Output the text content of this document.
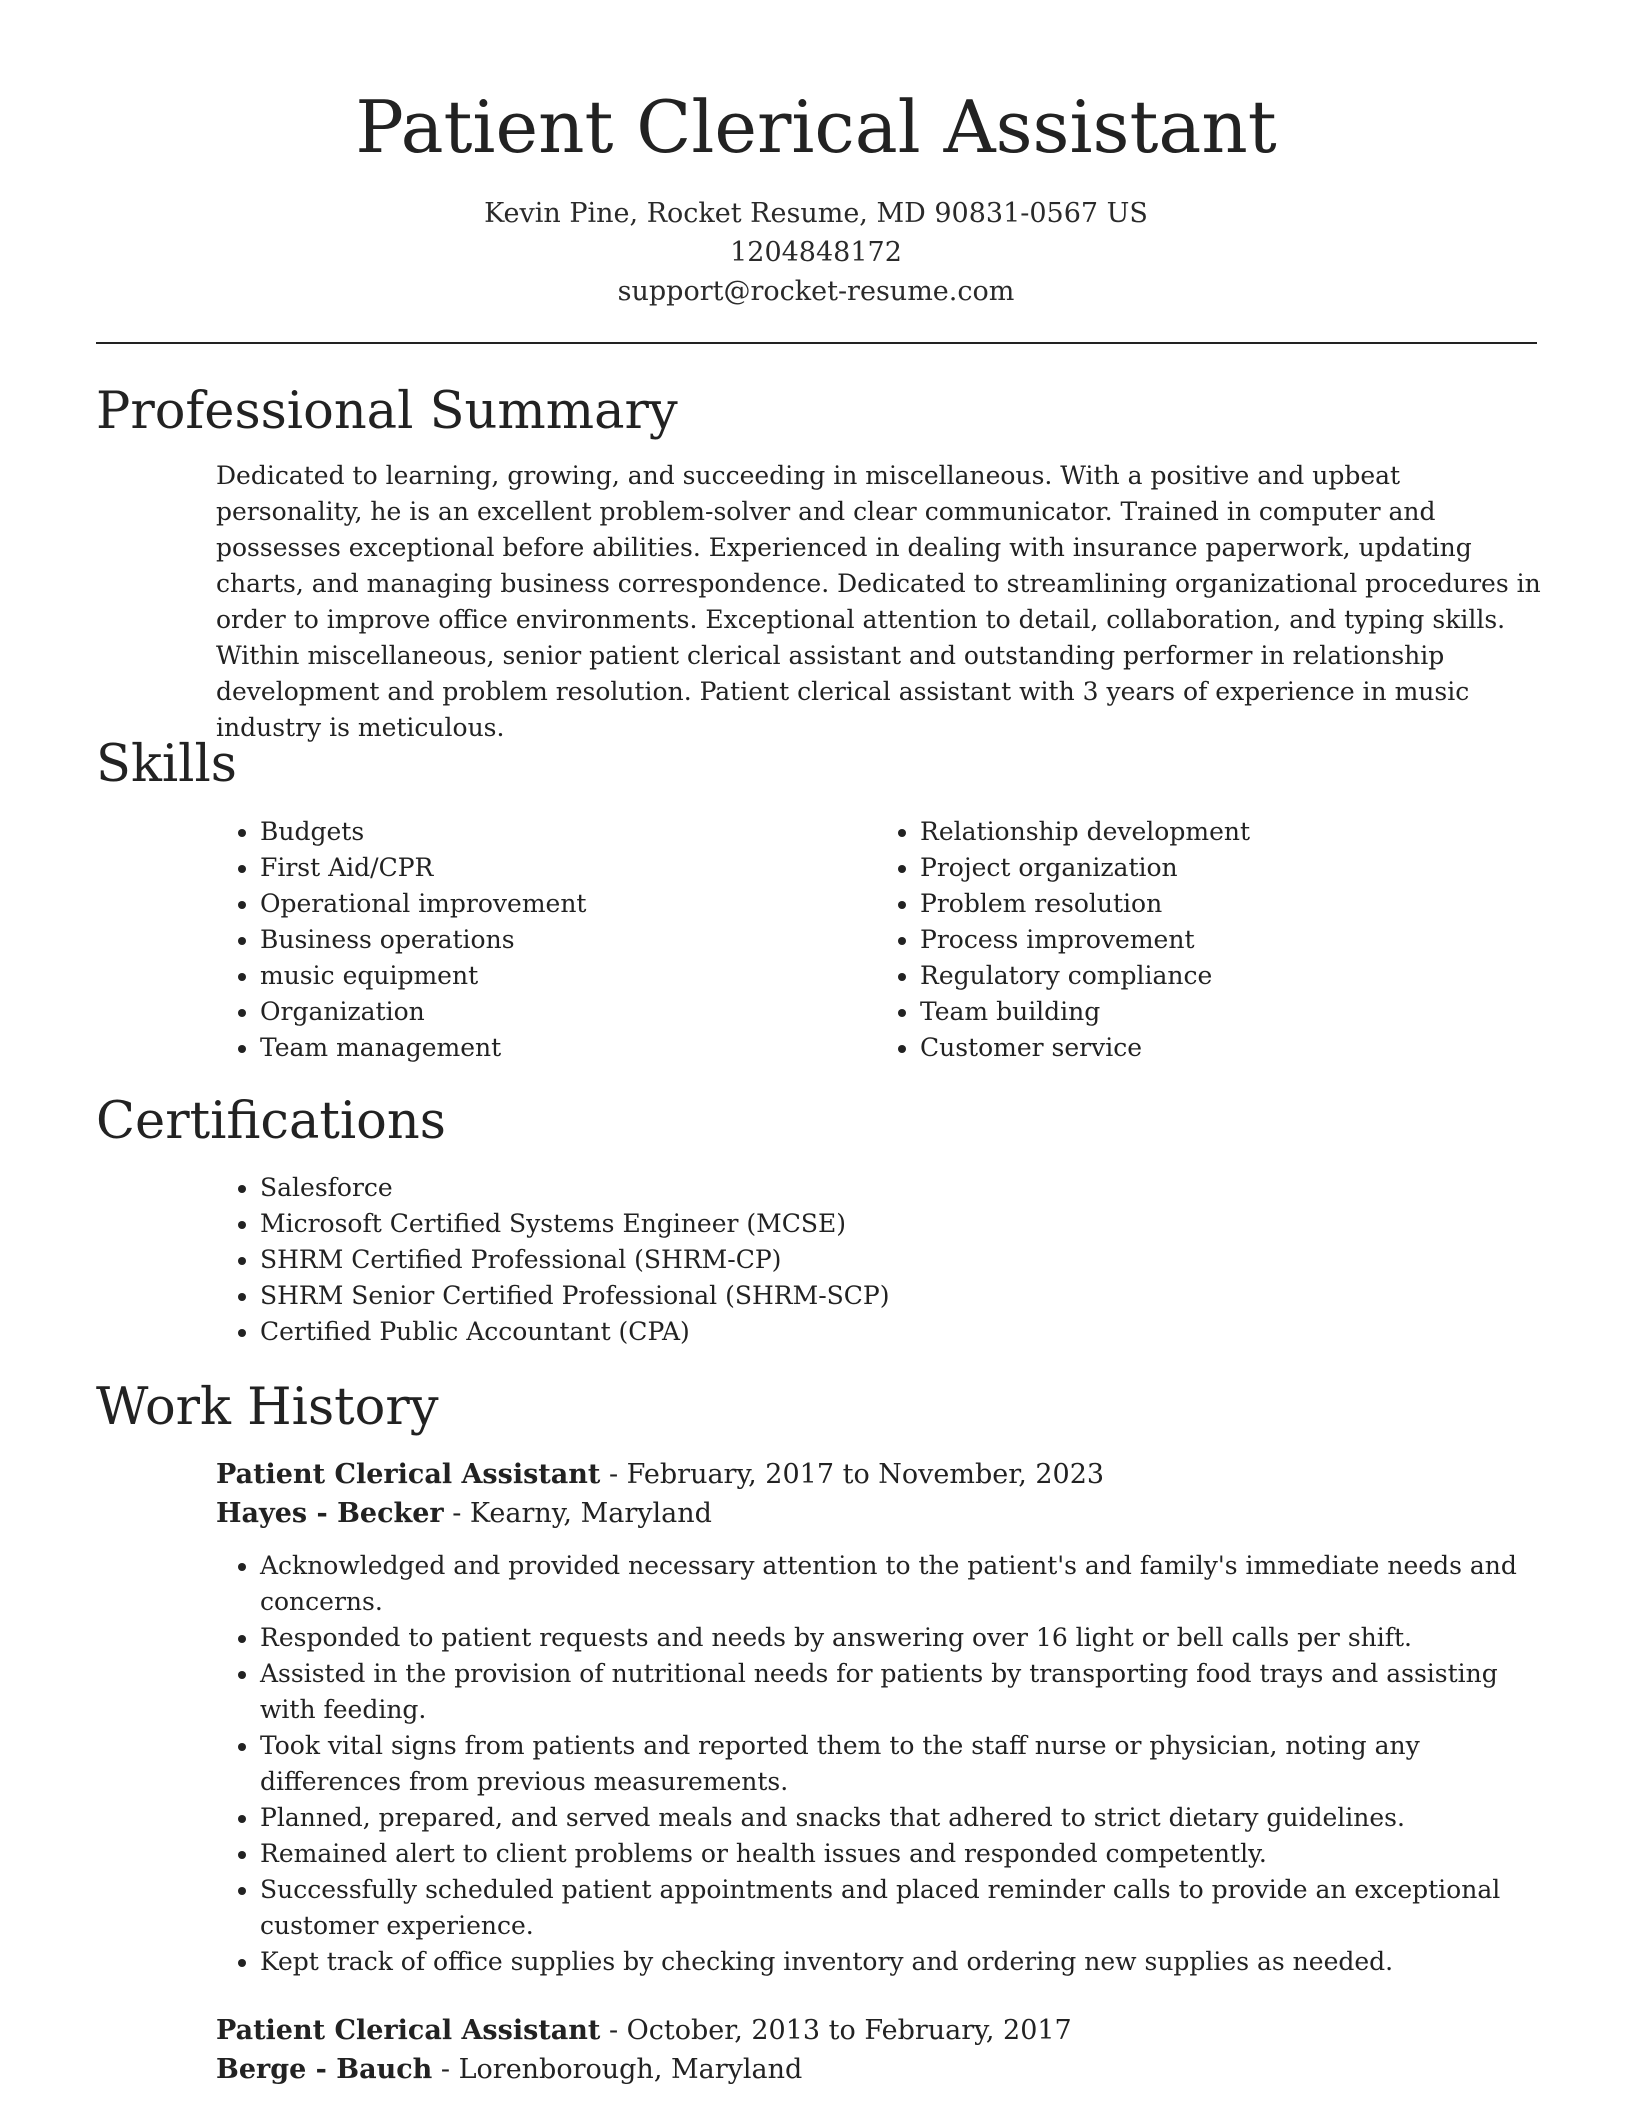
Patient Clerical Assistant
Kevin Pine, Rocket Resume, MD 90831-0567 US
1204848172
support@rocket-resume.com
Professional Summary
Dedicated to learning, growing, and succeeding in miscellaneous. With a positive and upbeat personality, he is an excellent problem-solver and clear communicator. Trained in computer and possesses exceptional before abilities. Experienced in dealing with insurance paperwork, updating charts, and managing business correspondence. Dedicated to streamlining organizational procedures in order to improve office environments. Exceptional attention to detail, collaboration, and typing skills. Within miscellaneous, senior patient clerical assistant and outstanding performer in relationship development and problem resolution. Patient clerical assistant with 3 years of experience in music industry is meticulous.
Skills
• Budgets
• First Aid/CPR
• Operational improvement
• Business operations
• music equipment
• Organization
• Team management
• Relationship development
• Project organization
• Problem resolution
• Process improvement
• Regulatory compliance
• Team building
• Customer service
Certifications
• Salesforce
• Microsoft Certified Systems Engineer (MCSE)
• SHRM Certified Professional (SHRM-CP)
• SHRM Senior Certified Professional (SHRM-SCP)
• Certified Public Accountant (CPA)
Work History
Patient Clerical Assistant - February, 2017 to November, 2023
Hayes - Becker - Kearny, Maryland
• Acknowledged and provided necessary attention to the patient's and family's immediate needs and concerns.
• Responded to patient requests and needs by answering over 16 light or bell calls per shift.
• Assisted in the provision of nutritional needs for patients by transporting food trays and assisting with feeding.
• Took vital signs from patients and reported them to the staff nurse or physician, noting any differences from previous measurements.
• Planned, prepared, and served meals and snacks that adhered to strict dietary guidelines.
• Remained alert to client problems or health issues and responded competently.
• Successfully scheduled patient appointments and placed reminder calls to provide an exceptional customer experience.
• Kept track of office supplies by checking inventory and ordering new supplies as needed.
Patient Clerical Assistant - October, 2013 to February, 2017
Berge - Bauch - Lorenborough, Maryland
